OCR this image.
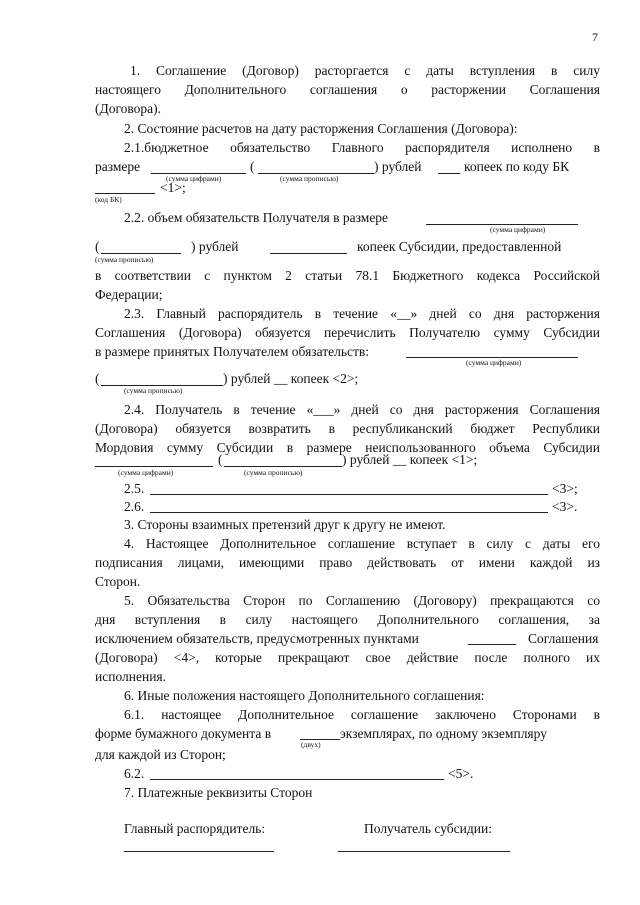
7
1. Соглашение (Договор) расторгается с даты вступления в силу
настоящего Дополнительного соглашения о расторжении Соглашения
(Договора).
2. Состояние расчетов на дату расторжения Соглашения (Договора):
2.1.бюджетное обязательство Главного распорядителя исполнено в
размере	(	) рублей	копеек по коду БК
(сумма цифрами)	(сумма прописью)
<1>;
(код БК)
2.2. объем обязательств Получателя в размере
(сумма цифрами)
(	) рублей	копеек Субсидии, предоставленной
(сумма прописью)
в соответствии с пунктом 2 статьи 78.1 Бюджетного кодекса Российской
Федерации;
2.3. Главный распорядитель в течение «__» дней со дня расторжения
Соглашения (Договора) обязуется перечислить Получателю сумму Субсидии
в размере принятых Получателем обязательств:
(сумма цифрами)
(	) рублей __ копеек <2>;
(сумма прописью)
2.4. Получатель в течение «___» дней со дня расторжения Соглашения
(Договора) обязуется возвратить в республиканский бюджет Республики
Мордовия сумму Субсидии в размере неиспользованного объема Субсидии
(	) рублей __ копеек <1>;
(сумма цифрами)	(сумма прописью)
2.5.	<3>;
2.6.	<3>.
3. Стороны взаимных претензий друг к другу не имеют.
4. Настоящее Дополнительное соглашение вступает в силу с даты его
подписания лицами, имеющими право действовать от имени каждой из
Сторон.
5. Обязательства Сторон по Соглашению (Договору) прекращаются со
дня вступления в силу настоящего Дополнительного соглашения, за
исключением обязательств, предусмотренных пунктами	Соглашения
(Договора) <4>, которые прекращают свое действие после полного их
исполнения.
6. Иные положения настоящего Дополнительного соглашения:
6.1. настоящее Дополнительное соглашение заключено Сторонами в
форме бумажного документа в	экземплярах, по одному экземпляру
(двух)
для каждой из Сторон;
6.2.	<5>.
7. Платежные реквизиты Сторон
Главный распорядитель:	Получатель субсидии:
